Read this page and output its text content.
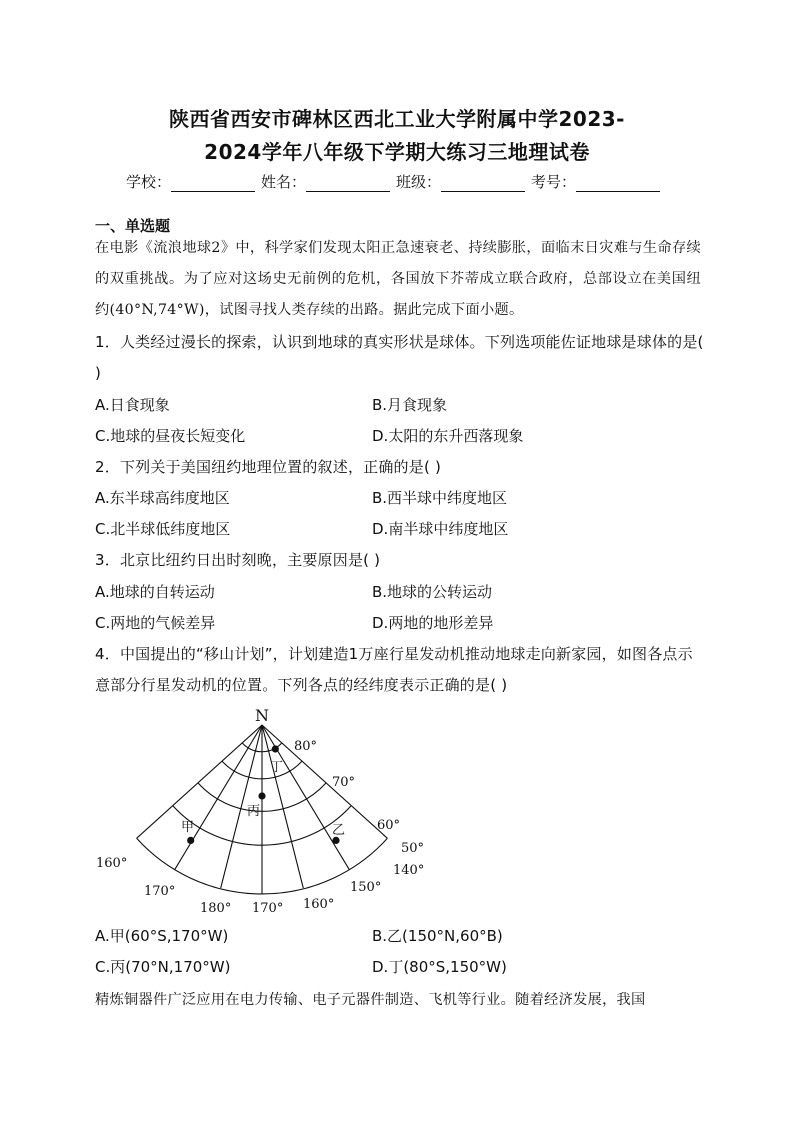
陕西省西安市碑林区西北工业大学附属中学2023-
2024学年八年级下学期大练习三地理试卷
学校：	姓名：	班级：	考号：
一、单选题
在电影《流浪地球2》中，科学家们发现太阳正急速衰老、持续膨胀，面临末日灾难与生命存续的双重挑战。为了应对这场史无前例的危机，各国放下芥蒂成立联合政府，总部设立在美国纽约(40°N,74°W)，试图寻找人类存续的出路。据此完成下面小题。
1．人类经过漫长的探索，认识到地球的真实形状是球体。下列选项能佐证地球是球体的是( )
A.日食现象	B.月食现象
C.地球的昼夜长短变化	D.太阳的东升西落现象
2．下列关于美国纽约地理位置的叙述，正确的是( )
A.东半球高纬度地区	B.西半球中纬度地区
C.北半球低纬度地区	D.南半球中纬度地区
3．北京比纽约日出时刻晚，主要原因是( )
A.地球的自转运动	B.地球的公转运动
C.两地的气候差异	D.两地的地形差异
4．中国提出的“移山计划”，计划建造1万座行星发动机推动地球走向新家园，如图各点示意部分行星发动机的位置。下列各点的经纬度表示正确的是( )
N
80°
70°
60°
50°
160°
170°
180° 170° 160°
150°
140°
甲	乙
丙
丁
A.甲(60°S,170°W)	B.乙(150°N,60°B)
C.丙(70°N,170°W)	D.丁(80°S,150°W)
精炼铜器件广泛应用在电力传输、电子元器件制造、飞机等行业。随着经济发展，我国
